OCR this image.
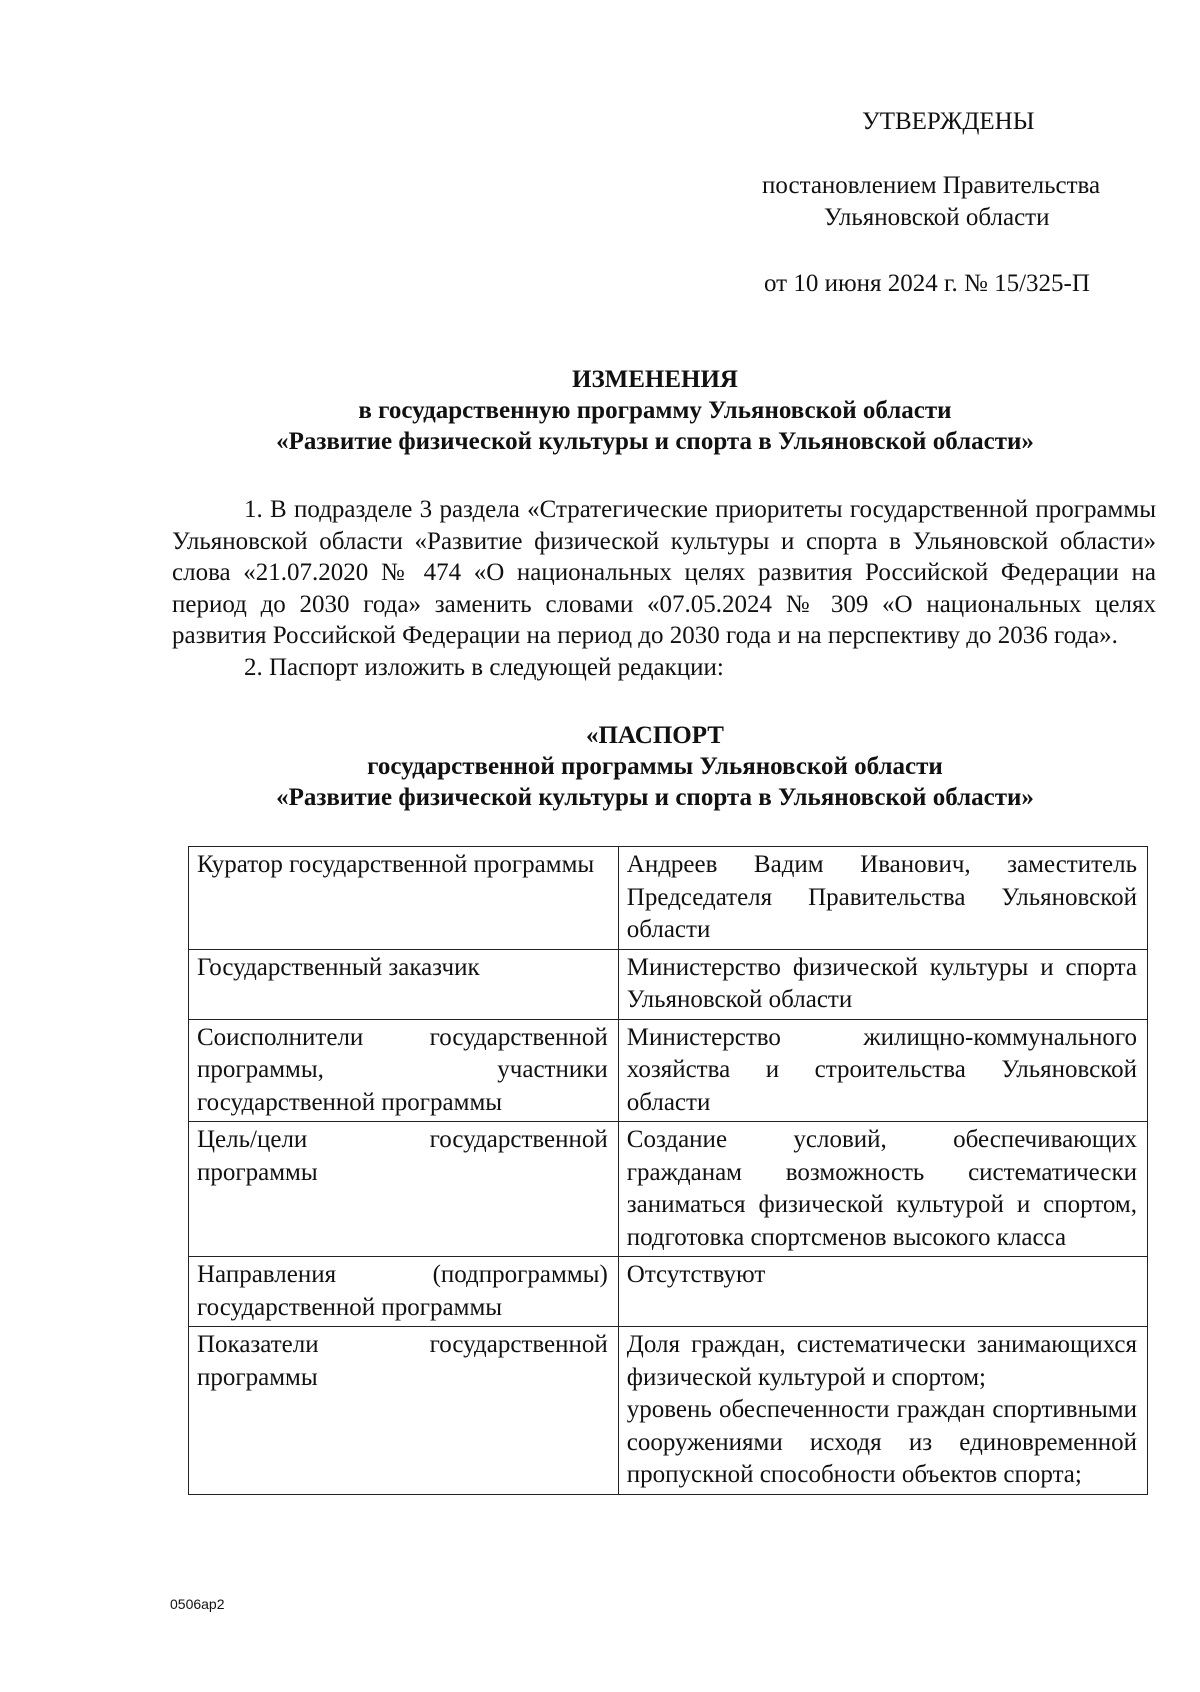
УТВЕРЖДЕНЫ
постановлением Правительства
Ульяновской области
от 10 июня 2024 г. № 15/325-П
ИЗМЕНЕНИЯ
в государственную программу Ульяновской области
«Развитие физической культуры и спорта в Ульяновской области»

1. В подразделе 3 раздела «Стратегические приоритеты государственной программы Ульяновской области «Развитие физической культуры и спорта в Ульяновской области» слова «21.07.2020 № 474 «О национальных целях развития Российской Федерации на период до 2030 года» заменить словами «07.05.2024 № 309 «О национальных целях развития Российской Федерации на период до 2030 года и на перспективу до 2036 года».

2. Паспорт изложить в следующей редакции:

«ПАСПОРТ
государственной программы Ульяновской области
«Развитие физической культуры и спорта в Ульяновской области»
Куратор государственной программы	Андреев Вадим Иванович, заместитель Председателя Правительства Ульяновской области
Государственный заказчик	Министерство физической культуры и спорта Ульяновской области
Соисполнители государственной программы, участники государственной программы	Министерство жилищно-коммунального хозяйства и строительства Ульяновской области
Цель/цели государственной программы	Создание условий, обеспечивающих гражданам возможность систематически заниматься физической культурой и спортом, подготовка спортсменов высокого класса
Направления (подпрограммы) государственной программы	Отсутствуют
Показатели государственной программы	Доля граждан, систематически занимающихся физической культурой и спортом;
уровень обеспеченности граждан спортивными сооружениями исходя из единовременной пропускной способности объектов спорта;
0506ap2
